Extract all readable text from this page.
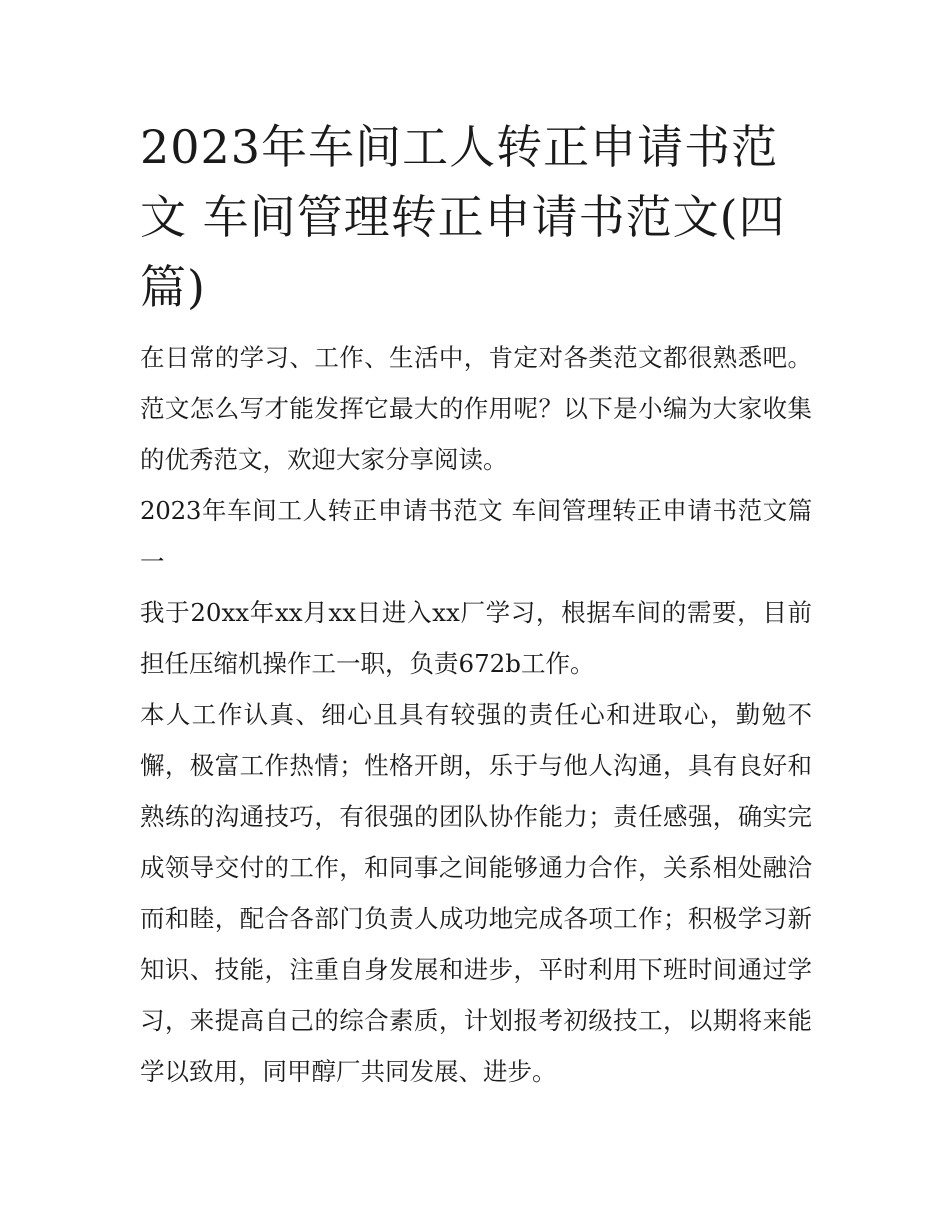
2023年车间工人转正申请书范文 车间管理转正申请书范文(四篇)

在日常的学习、工作、生活中，肯定对各类范文都很熟悉吧。范文怎么写才能发挥它最大的作用呢？以下是小编为大家收集的优秀范文，欢迎大家分享阅读。

2023年车间工人转正申请书范文 车间管理转正申请书范文篇一

我于20xx年xx月xx日进入xx厂学习，根据车间的需要，目前担任压缩机操作工一职，负责672b工作。

本人工作认真、细心且具有较强的责任心和进取心，勤勉不懈，极富工作热情；性格开朗，乐于与他人沟通，具有良好和熟练的沟通技巧，有很强的团队协作能力；责任感强，确实完成领导交付的工作，和同事之间能够通力合作，关系相处融洽而和睦，配合各部门负责人成功地完成各项工作；积极学习新知识、技能，注重自身发展和进步，平时利用下班时间通过学习，来提高自己的综合素质，计划报考初级技工，以期将来能学以致用，同甲醇厂共同发展、进步。
